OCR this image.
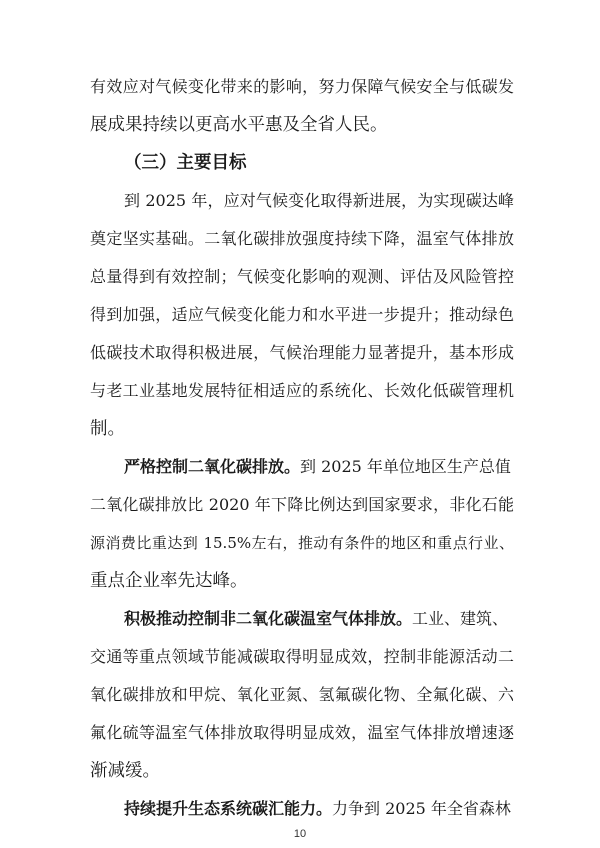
有效应对气候变化带来的影响，努力保障气候安全与低碳发
展成果持续以更高水平惠及全省人民。
（三）主要目标
到 2025 年，应对气候变化取得新进展，为实现碳达峰
奠定坚实基础。二氧化碳排放强度持续下降，温室气体排放
总量得到有效控制；气候变化影响的观测、评估及风险管控
得到加强，适应气候变化能力和水平进一步提升；推动绿色
低碳技术取得积极进展，气候治理能力显著提升，基本形成
与老工业基地发展特征相适应的系统化、长效化低碳管理机
制。
严格控制二氧化碳排放。到 2025 年单位地区生产总值
二氧化碳排放比 2020 年下降比例达到国家要求，非化石能
源消费比重达到 15.5%左右，推动有条件的地区和重点行业、
重点企业率先达峰。
积极推动控制非二氧化碳温室气体排放。工业、建筑、
交通等重点领域节能减碳取得明显成效，控制非能源活动二
氧化碳排放和甲烷、氧化亚氮、氢氟碳化物、全氟化碳、六
氟化硫等温室气体排放取得明显成效，温室气体排放增速逐
渐减缓。
持续提升生态系统碳汇能力。力争到 2025 年全省森林
10
